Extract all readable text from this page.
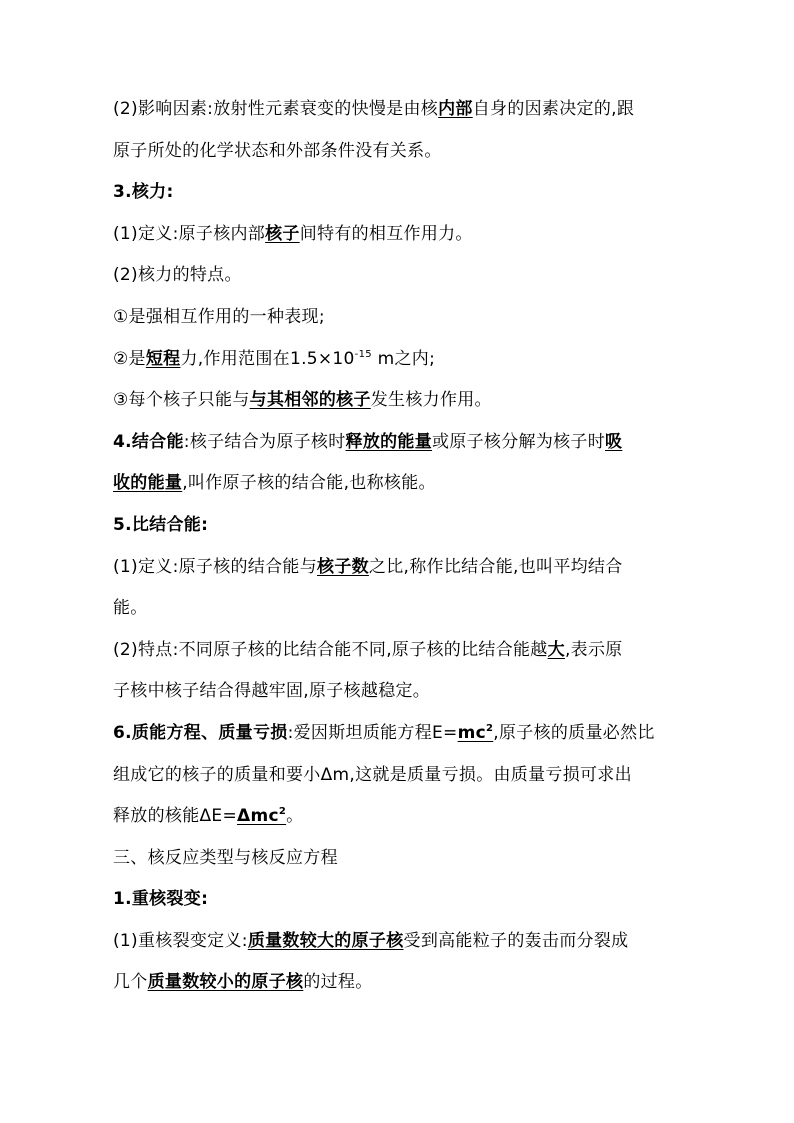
(2)影响因素:放射性元素衰变的快慢是由核内部自身的因素决定的,跟
原子所处的化学状态和外部条件没有关系。
3.核力:
(1)定义:原子核内部核子间特有的相互作用力。
(2)核力的特点。
①是强相互作用的一种表现;
②是短程力,作用范围在$1.5\times 10^{-15}$ m之内;
③每个核子只能与与其相邻的核子发生核力作用。
4.结合能:核子结合为原子核时释放的能量或原子核分解为核子时吸
收的能量,叫作原子核的结合能,也称核能。
5.比结合能:
(1)定义:原子核的结合能与核子数之比,称作比结合能,也叫平均结合
能。
(2)特点:不同原子核的比结合能不同,原子核的比结合能越大,表示原
子核中核子结合得越牢固,原子核越稳定。
6.质能方程、质量亏损:爱因斯坦质能方程$E=mc^2$,原子核的质量必然比
组成它的核子的质量和要小Δm,这就是质量亏损。由质量亏损可求出
释放的核能ΔE=Δmc$^2$。
三、核反应类型与核反应方程
1.重核裂变:
(1)重核裂变定义:质量数较大的原子核受到高能粒子的轰击而分裂成
几个质量数较小的原子核的过程。
